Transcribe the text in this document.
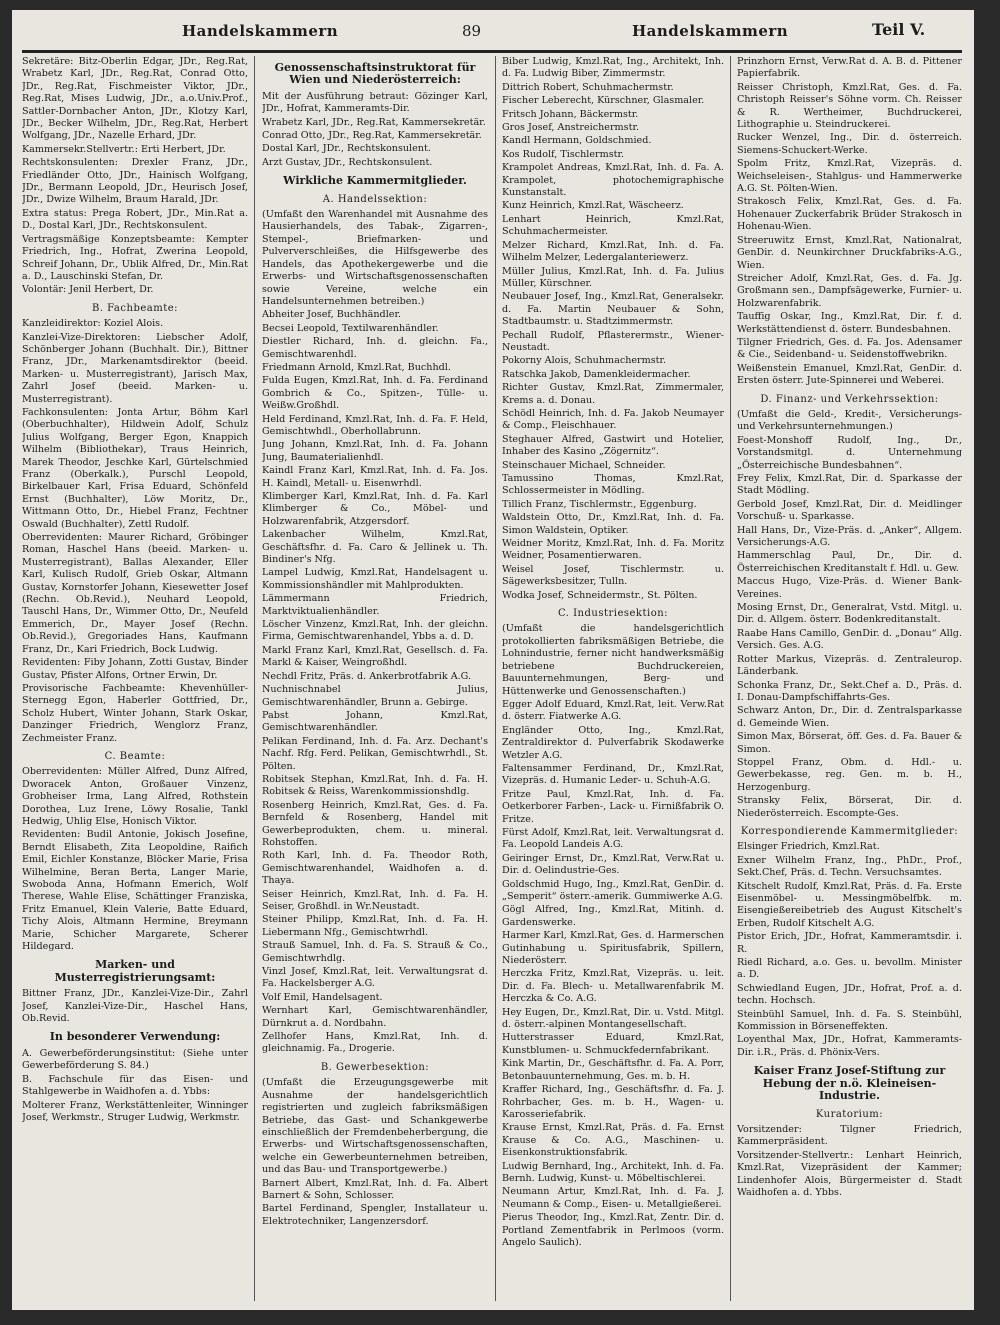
Handelskammern	89	Handelskammern	Teil V.

Sekretäre: Bitz-Oberlin Edgar, JDr., Reg.Rat, Wrabetz Karl, JDr., Reg.Rat, Conrad Otto, JDr., Reg.Rat, Fischmeister Viktor, JDr., Reg.Rat, Mises Ludwig, JDr., a.o.Univ.Prof., Sattler-Dornbacher Anton, JDr., Klotzy Karl, JDr., Becker Wilhelm, JDr., Reg.Rat, Herbert Wolfgang, JDr., Nazelle Erhard, JDr.

Kammersekr.Stellvertr.: Erti Herbert, JDr.

Rechtskonsulenten: Drexler Franz, JDr., Friedländer Otto, JDr., Hainisch Wolfgang, JDr., Bermann Leopold, JDr., Heurisch Josef, JDr., Dwize Wilhelm, Braum Harald, JDr.

Extra status: Prega Robert, JDr., Min.Rat a. D., Dostal Karl, JDr., Rechtskonsulent.

Vertragsmäßige Konzeptsbeamte: Kempter Friedrich, Ing., Hofrat, Zwerina Leopold, Schreif Johann, Dr., Ublik Alfred, Dr., Min.Rat a. D., Lauschinski Stefan, Dr.

Volontär: Jenil Herbert, Dr.

B. Fachbeamte:

Kanzleidirektor: Koziel Alois.

Kanzlei-Vize-Direktoren: Liebscher Adolf, Schönberger Johann (Buchhalt. Dir.), Bittner Franz, JDr., Markenamtsdirektor (beeid. Marken- u. Musterregistrant), Jarisch Max, Zahrl Josef (beeid. Marken- u. Musterregistrant).

Fachkonsulenten: Jonta Artur, Böhm Karl (Oberbuchhalter), Hildwein Adolf, Schulz Julius Wolfgang, Berger Egon, Knappich Wilhelm (Bibliothekar), Traus Heinrich, Marek Theodor, Jeschke Karl, Gürtelschmied Franz (Oberkalk.), Purschl Leopold, Birkelbauer Karl, Frisa Eduard, Schönfeld Ernst (Buchhalter), Löw Moritz, Dr., Wittmann Otto, Dr., Hiebel Franz, Fechtner Oswald (Buchhalter), Zettl Rudolf.

Oberrevidenten: Maurer Richard, Gröbinger Roman, Haschel Hans (beeid. Marken- u. Musterregistrant), Ballas Alexander, Eller Karl, Kulisch Rudolf, Grieb Oskar, Altmann Gustav, Kornstorfer Johann, Kiesewetter Josef (Rechn. Ob.Revid.), Neuhard Leopold, Tauschl Hans, Dr., Wimmer Otto, Dr., Neufeld Emmerich, Dr., Mayer Josef (Rechn. Ob.Revid.), Gregoriades Hans, Kaufmann Franz, Dr., Kari Friedrich, Bock Ludwig.

Revidenten: Fiby Johann, Zotti Gustav, Binder Gustav, Pfister Alfons, Ortner Erwin, Dr.

Provisorische Fachbeamte: Khevenhüller-Sternegg Egon, Haberler Gottfried, Dr., Scholz Hubert, Winter Johann, Stark Oskar, Danzinger Friedrich, Wenglorz Franz, Zechmeister Franz.

C. Beamte:

Oberrevidenten: Müller Alfred, Dunz Alfred, Dworacek Anton, Großauer Vinzenz, Grobheiser Irma, Lang Alfred, Rothstein Dorothea, Luz Irene, Löwy Rosalie, Tankl Hedwig, Uhlig Else, Honisch Viktor.

Revidenten: Budil Antonie, Jokisch Josefine, Berndt Elisabeth, Zita Leopoldine, Raifich Emil, Eichler Konstanze, Blöcker Marie, Frisa Wilhelmine, Beran Berta, Langer Marie, Swoboda Anna, Hofmann Emerich, Wolf Therese, Wahle Elise, Schättinger Franziska, Fritz Emanuel, Klein Valerie, Batte Eduard, Tichy Alois, Altmann Hermine, Breymann Marie, Schicher Margarete, Scherer Hildegard.

Marken- und Musterregistrierungsamt:

Bittner Franz, JDr., Kanzlei-Vize-Dir., Zahrl Josef, Kanzlei-Vize-Dir., Haschel Hans, Ob.Revid.

In besonderer Verwendung:

A. Gewerbeförderungsinstitut: (Siehe unter Gewerbeförderung S. 84.)

B. Fachschule für das Eisen- und Stahlgewerbe in Waidhofen a. d. Ybbs:

Molterer Franz, Werkstättenleiter, Winninger Josef, Werkmstr., Struger Ludwig, Werkmstr.

Genossenschaftsinstruktorat für Wien und Niederösterreich:

Mit der Ausführung betraut: Gözinger Karl, JDr., Hofrat, Kammeramts-Dir.

Wrabetz Karl, JDr., Reg.Rat, Kammersekretär.

Conrad Otto, JDr., Reg.Rat, Kammersekretär.

Dostal Karl, JDr., Rechtskonsulent.

Arzt Gustav, JDr., Rechtskonsulent.

Wirkliche Kammermitglieder.
A. Handelssektion:

(Umfaßt den Warenhandel mit Ausnahme des Hausierhandels, des Tabak-, Zigarren-, Stempel-, Briefmarken- und Pulververschleißes, die Hilfsgewerbe des Handels, das Apothekergewerbe und die Erwerbs- und Wirtschaftsgenossenschaften sowie Vereine, welche ein Handelsunternehmen betreiben.)

Abheiter Josef, Buchhändler.

Becsei Leopold, Textilwarenhändler.

Diestler Richard, Inh. d. gleichn. Fa., Gemischtwarenhdl.

Friedmann Arnold, Kmzl.Rat, Buchhdl.

Fulda Eugen, Kmzl.Rat, Inh. d. Fa. Ferdinand Gombrich & Co., Spitzen-, Tülle- u. Weißw.Großhdl.

Held Ferdinand, Kmzl.Rat, Inh. d. Fa. F. Held, Gemischtwhdl., Oberhollabrunn.

Jung Johann, Kmzl.Rat, Inh. d. Fa. Johann Jung, Baumaterialienhdl.

Kaindl Franz Karl, Kmzl.Rat, Inh. d. Fa. Jos. H. Kaindl, Metall- u. Eisenwrhdl.

Klimberger Karl, Kmzl.Rat, Inh. d. Fa. Karl Klimberger & Co., Möbel- und Holzwarenfabrik, Atzgersdorf.

Lakenbacher Wilhelm, Kmzl.Rat, Geschäftsfhr. d. Fa. Caro & Jellinek u. Th. Bindiner's Nfg.

Lampel Ludwig, Kmzl.Rat, Handelsagent u. Kommissionshändler mit Mahlprodukten.

Lämmermann Friedrich, Marktviktualienhändler.

Löscher Vinzenz, Kmzl.Rat, Inh. der gleichn. Firma, Gemischtwarenhandel, Ybbs a. d. D.

Markl Franz Karl, Kmzl.Rat, Gesellsch. d. Fa. Markl & Kaiser, Weingroßhdl.

Nechdl Fritz, Präs. d. Ankerbrotfabrik A.G.

Nuchnischnabel Julius, Gemischtwarenhändler, Brunn a. Gebirge.

Pabst Johann, Kmzl.Rat, Gemischtwarenhändler.

Pelikan Ferdinand, Inh. d. Fa. Arz. Dechant's Nachf. Rfg. Ferd. Pelikan, Gemischtwrhdl., St. Pölten.

Robitsek Stephan, Kmzl.Rat, Inh. d. Fa. H. Robitsek & Reiss, Warenkommissionshdlg.

Rosenberg Heinrich, Kmzl.Rat, Ges. d. Fa. Bernfeld & Rosenberg, Handel mit Gewerbeprodukten, chem. u. mineral. Rohstoffen.

Roth Karl, Inh. d. Fa. Theodor Roth, Gemischtwarenhandel, Waidhofen a. d. Thaya.

Seiser Heinrich, Kmzl.Rat, Inh. d. Fa. H. Seiser, Großhdl. in Wr.Neustadt.

Steiner Philipp, Kmzl.Rat, Inh. d. Fa. H. Liebermann Nfg., Gemischtwrhdl.

Strauß Samuel, Inh. d. Fa. S. Strauß & Co., Gemischtwrhdlg.

Vinzl Josef, Kmzl.Rat, leit. Verwaltungsrat d. Fa. Hackelsberger A.G.

Volf Emil, Handelsagent.

Wernhart Karl, Gemischtwarenhändler, Dürnkrut a. d. Nordbahn.

Zellhofer Hans, Kmzl.Rat, Inh. d. gleichnamig. Fa., Drogerie.

B. Gewerbesektion:

(Umfaßt die Erzeugungsgewerbe mit Ausnahme der handelsgerichtlich registrierten und zugleich fabriksmäßigen Betriebe, das Gast- und Schankgewerbe einschließlich der Fremdenbeherbergung, die Erwerbs- und Wirtschaftsgenossenschaften, welche ein Gewerbeunternehmen betreiben, und das Bau- und Transportgewerbe.)

Barnert Albert, Kmzl.Rat, Inh. d. Fa. Albert Barnert & Sohn, Schlosser.

Bartel Ferdinand, Spengler, Installateur u. Elektrotechniker, Langenzersdorf.

Biber Ludwig, Kmzl.Rat, Ing., Architekt, Inh. d. Fa. Ludwig Biber, Zimmermstr.

Dittrich Robert, Schuhmachermstr.

Fischer Leberecht, Kürschner, Glasmaler.

Fritsch Johann, Bäckermstr.

Gros Josef, Anstreichermstr.

Kandl Hermann, Goldschmied.

Kos Rudolf, Tischlermstr.

Krampolet Andreas, Kmzl.Rat, Inh. d. Fa. A. Krampolet, photochemigraphische Kunstanstalt.

Kunz Heinrich, Kmzl.Rat, Wäscheerz.

Lenhart Heinrich, Kmzl.Rat, Schuhmachermeister.

Melzer Richard, Kmzl.Rat, Inh. d. Fa. Wilhelm Melzer, Ledergalanteriewerz.

Müller Julius, Kmzl.Rat, Inh. d. Fa. Julius Müller, Kürschner.

Neubauer Josef, Ing., Kmzl.Rat, Generalsekr. d. Fa. Martin Neubauer & Sohn, Stadtbaumstr. u. Stadtzimmermstr.

Pechall Rudolf, Pflasterermstr., Wiener-Neustadt.

Pokorny Alois, Schuhmachermstr.

Ratschka Jakob, Damenkleidermacher.

Richter Gustav, Kmzl.Rat, Zimmermaler, Krems a. d. Donau.

Schödl Heinrich, Inh. d. Fa. Jakob Neumayer & Comp., Fleischhauer.

Steghauer Alfred, Gastwirt und Hotelier, Inhaber des Kasino „Zögernitz“.

Steinschauer Michael, Schneider.

Tamussino Thomas, Kmzl.Rat, Schlossermeister in Mödling.

Tillich Franz, Tischlermstr., Eggenburg.

Waldstein Otto, Dr., Kmzl.Rat, Inh. d. Fa. Simon Waldstein, Optiker.

Weidner Moritz, Kmzl.Rat, Inh. d. Fa. Moritz Weidner, Posamentierwaren.

Weisel Josef, Tischlermstr. u. Sägewerksbesitzer, Tulln.

Wodka Josef, Schneidermstr., St. Pölten.

C. Industriesektion:

(Umfaßt die handelsgerichtlich protokollierten fabriksmäßigen Betriebe, die Lohnindustrie, ferner nicht handwerksmäßig betriebene Buchdruckereien, Bauunternehmungen, Berg- und Hüttenwerke und Genossenschaften.)

Egger Adolf Eduard, Kmzl.Rat, leit. Verw.Rat d. österr. Fiatwerke A.G.

Engländer Otto, Ing., Kmzl.Rat, Zentraldirektor d. Pulverfabrik Skodawerke Wetzler A.G.

Faltensammer Ferdinand, Dr., Kmzl.Rat, Vizepräs. d. Humanic Leder- u. Schuh-A.G.

Fritze Paul, Kmzl.Rat, Inh. d. Fa. Oetkerborer Farben-, Lack- u. Firnißfabrik O. Fritze.

Fürst Adolf, Kmzl.Rat, leit. Verwaltungsrat d. Fa. Leopold Landeis A.G.

Geiringer Ernst, Dr., Kmzl.Rat, Verw.Rat u. Dir. d. Oelindustrie-Ges.

Goldschmid Hugo, Ing., Kmzl.Rat, GenDir. d. „Semperit“ österr.-amerik. Gummiwerke A.G.

Gögl Alfred, Ing., Kmzl.Rat, Mitinh. d. Gardenswerke.

Harmer Karl, Kmzl.Rat, Ges. d. Harmerschen Gutinhabung u. Spiritusfabrik, Spillern, Niederösterr.

Herczka Fritz, Kmzl.Rat, Vizepräs. u. leit. Dir. d. Fa. Blech- u. Metallwarenfabrik M. Herczka & Co. A.G.

Hey Eugen, Dr., Kmzl.Rat, Dir. u. Vstd. Mitgl. d. österr.-alpinen Montangesellschaft.

Hutterstrasser Eduard, Kmzl.Rat, Kunstblumen- u. Schmuckfedernfabrikant.

Kink Martin, Dr., Geschäftsfhr. d. Fa. A. Porr, Betonbauunternehmung, Ges. m. b. H.

Kraffer Richard, Ing., Geschäftsfhr. d. Fa. J. Rohrbacher, Ges. m. b. H., Wagen- u. Karosseriefabrik.

Krause Ernst, Kmzl.Rat, Präs. d. Fa. Ernst Krause & Co. A.G., Maschinen- u. Eisenkonstruktionsfabrik.

Ludwig Bernhard, Ing., Architekt, Inh. d. Fa. Bernh. Ludwig, Kunst- u. Möbeltischlerei.

Neumann Artur, Kmzl.Rat, Inh. d. Fa. J. Neumann & Comp., Eisen- u. Metallgießerei.

Pierus Theodor, Ing., Kmzl.Rat, Zentr. Dir. d. Portland Zementfabrik in Perlmoos (vorm. Angelo Saulich).

Prinzhorn Ernst, Verw.Rat d. A. B. d. Pittener Papierfabrik.

Reisser Christoph, Kmzl.Rat, Ges. d. Fa. Christoph Reisser's Söhne vorm. Ch. Reisser & R. Wertheimer, Buchdruckerei, Lithographie u. Steindruckerei.

Rucker Wenzel, Ing., Dir. d. österreich. Siemens-Schuckert-Werke.

Spolm Fritz, Kmzl.Rat, Vizepräs. d. Weichseleisen-, Stahlgus- und Hammerwerke A.G. St. Pölten-Wien.

Strakosch Felix, Kmzl.Rat, Ges. d. Fa. Hohenauer Zuckerfabrik Brüder Strakosch in Hohenau-Wien.

Streeruwitz Ernst, Kmzl.Rat, Nationalrat, GenDir. d. Neunkirchner Druckfabriks-A.G., Wien.

Streicher Adolf, Kmzl.Rat, Ges. d. Fa. Jg. Großmann sen., Dampfsägewerke, Furnier- u. Holzwarenfabrik.

Tauffig Oskar, Ing., Kmzl.Rat, Dir. f. d. Werkstättendienst d. österr. Bundesbahnen.

Tilgner Friedrich, Ges. d. Fa. Jos. Adensamer & Cie., Seidenband- u. Seidenstoffwebrikn.

Weißenstein Emanuel, Kmzl.Rat, GenDir. d. Ersten österr. Jute-Spinnerei und Weberei.

D. Finanz- und Verkehrssektion:

(Umfaßt die Geld-, Kredit-, Versicherungs- und Verkehrsunternehmungen.)

Foest-Monshoff Rudolf, Ing., Dr., Vorstandsmitgl. d. Unternehmung „Österreichische Bundesbahnen“.

Frey Felix, Kmzl.Rat, Dir. d. Sparkasse der Stadt Mödling.

Gerbold Josef, Kmzl.Rat, Dir. d. Meidlinger Vorschuß- u. Sparkasse.

Hall Hans, Dr., Vize-Präs. d. „Anker“, Allgem. Versicherungs-A.G.

Hammerschlag Paul, Dr., Dir. d. Österreichischen Kreditanstalt f. Hdl. u. Gew.

Maccus Hugo, Vize-Präs. d. Wiener Bank-Vereines.

Mosing Ernst, Dr., Generalrat, Vstd. Mitgl. u. Dir. d. Allgem. österr. Bodenkreditanstalt.

Raabe Hans Camillo, GenDir. d. „Donau“ Allg. Versich. Ges. A.G.

Rotter Markus, Vizepräs. d. Zentraleurop. Länderbank.

Schonka Franz, Dr., Sekt.Chef a. D., Präs. d. I. Donau-Dampfschiffahrts-Ges.

Schwarz Anton, Dr., Dir. d. Zentralsparkasse d. Gemeinde Wien.

Simon Max, Börserat, öff. Ges. d. Fa. Bauer & Simon.

Stoppel Franz, Obm. d. Hdl.- u. Gewerbekasse, reg. Gen. m. b. H., Herzogenburg.

Stransky Felix, Börserat, Dir. d. Niederösterreich. Escompte-Ges.

Korrespondierende Kammermitglieder:

Elsinger Friedrich, Kmzl.Rat.

Exner Wilhelm Franz, Ing., PhDr., Prof., Sekt.Chef, Präs. d. Techn. Versuchsamtes.

Kitschelt Rudolf, Kmzl.Rat, Präs. d. Fa. Erste Eisenmöbel- u. Messingmöbelfbk. m. Eisengießereibetrieb des August Kitschelt's Erben, Rudolf Kitschelt A.G.

Pistor Erich, JDr., Hofrat, Kammeramtsdir. i. R.

Riedl Richard, a.o. Ges. u. bevollm. Minister a. D.

Schwiedland Eugen, JDr., Hofrat, Prof. a. d. techn. Hochsch.

Steinbühl Samuel, Inh. d. Fa. S. Steinbühl, Kommission in Börseneffekten.

Loyenthal Max, JDr., Hofrat, Kammeramts-Dir. i.R., Präs. d. Phönix-Vers.

Kaiser Franz Josef-Stiftung zur Hebung der n.ö. Kleineisen-Industrie.
Kuratorium:

Vorsitzender: Tilgner Friedrich, Kammerpräsident.

Vorsitzender-Stellvertr.: Lenhart Heinrich, Kmzl.Rat, Vizepräsident der Kammer; Lindenhofer Alois, Bürgermeister d. Stadt Waidhofen a. d. Ybbs.
